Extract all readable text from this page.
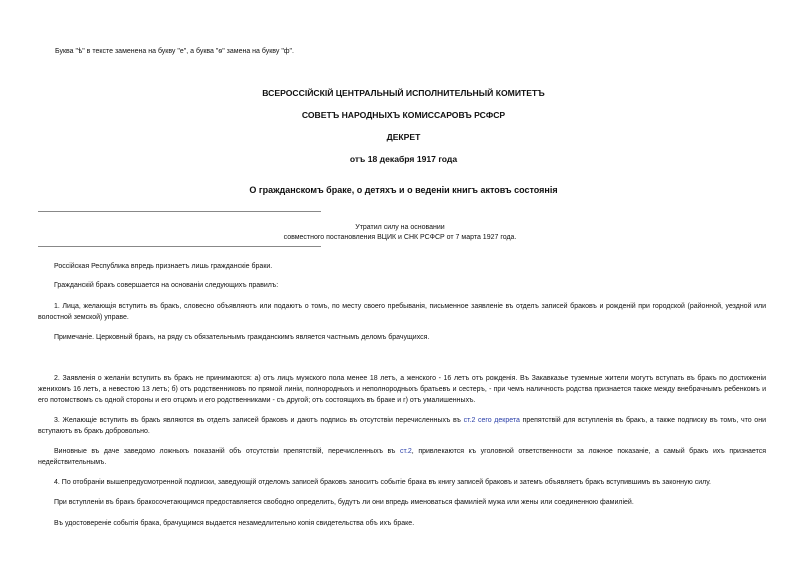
Буква "ѣ" в тексте заменена на букву "е", а буква "ѳ" замена на букву "ф".
ВСЕРОССІЙСКІЙ ЦЕНТРАЛЬНЫЙ ИСПОЛНИТЕЛЬНЫЙ КОМИТЕТЪ
СОВЕТЪ НАРОДНЫХЪ КОМИССАРОВЪ РСФСР
ДЕКРЕТ
отъ 18 декабря 1917 года
О гражданскомъ браке, о детяхъ и о веденіи книгъ актовъ состоянія
Утратил силу на основании
совместного постановления ВЦИК и СНК РСФСР от 7 марта 1927 года.
Россійская Республика впредь признаетъ лишь гражданскіе браки.
Гражданскій бракъ совершается на основаніи следующихъ правилъ:
1. Лица, желающія вступить въ бракъ, словесно объявляютъ или подаютъ о томъ, по месту своего пребыванія, письменное заявленіе въ отделъ записей браковъ и рожденій при городской (районной, уездной или волостной земской) управе.
Примечаніе. Церковный бракъ, на ряду съ обязательнымъ гражданскимъ является частнымъ деломъ брачущихся.
2. Заявленія о желаніи вступить въ бракъ не принимаются: а) отъ лицъ мужского пола менее 18 летъ, а женского - 16 летъ отъ рожденія. Въ Закавказье туземные жители могутъ вступать въ бракъ по достиженіи женихомъ 16 летъ, а невестою 13 летъ; б) отъ родственниковъ по прямой линіи, полнородныхъ и неполнородныхъ братьевъ и сестеръ, - при чемъ наличность родства признается также между внебрачнымъ ребенкомъ и его потомствомъ съ одной стороны и его отцомъ и его родственниками - съ другой; отъ состоящихъ въ браке и г) отъ умалишенныхъ.
3. Желающіе вступить въ бракъ являются въ отделъ записей браковъ и даютъ подпись въ отсутствіи перечисленныхъ въ ст.2 сего декрета препятствій для вступленія въ бракъ, а также подписку въ томъ, что они вступаютъ въ бракъ добровольно.
Виновные въ даче заведомо ложныхъ показаній объ отсутствіи препятствій, перечисленныхъ въ ст.2, привлекаются къ уголовной ответственности за ложное показаніе, а самый бракъ ихъ признается недействительнымъ.
4. По отобраніи вышепредусмотренной подписки, заведующій отделомъ записей браковъ заноситъ событіе брака въ книгу записей браковъ и затемъ объявляетъ бракъ вступившимъ въ законную силу.
При вступленіи въ бракъ бракосочетающимся предоставляется свободно определить, будутъ ли они впредь именоваться фамиліей мужа или жены или соединенною фамиліей.
Въ удостовереніе событія брака, брачущимся выдается незамедлительно копія свидетельства объ ихъ браке.
